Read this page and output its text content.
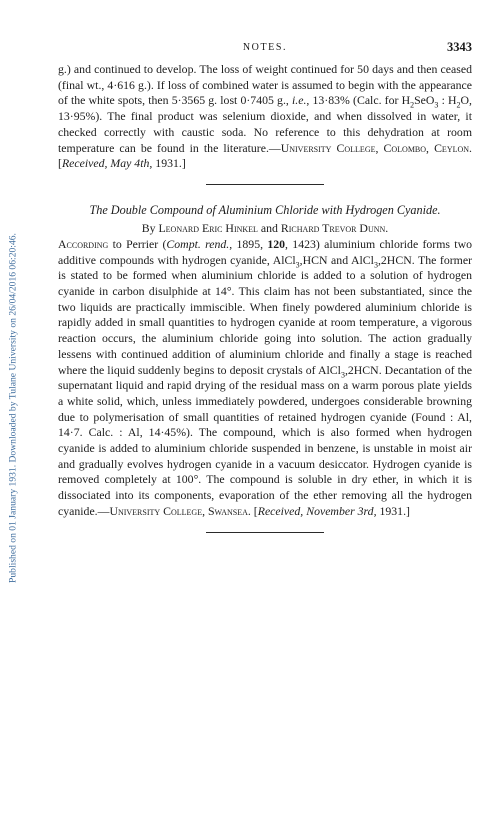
Published on 01 January 1931. Downloaded by Tulane University on 26/04/2016 06:20:46.
NOTES.	3343

g.) and continued to develop. The loss of weight continued for 50 days and then ceased (final wt., 4·616 g.). If loss of combined water is assumed to begin with the appearance of the white spots, then 5·3565 g. lost 0·7405 g., i.e., 13·83% (Calc. for $H_2SeO_3$ : $H_2O$, 13·95%). The final product was selenium dioxide, and when dissolved in water, it checked correctly with caustic soda. No reference to this dehydration at room temperature can be found in the literature.—University College, Colombo, Ceylon. [Received, May 4th, 1931.]

The Double Compound of Aluminium Chloride with Hydrogen Cyanide.
By Leonard Eric Hinkel and Richard Trevor Dunn.

According to Perrier (Compt. rend., 1895, 120, 1423) aluminium chloride forms two additive compounds with hydrogen cyanide, AlCl$_3$,HCN and AlCl$_3$,2HCN. The former is stated to be formed when aluminium chloride is added to a solution of hydrogen cyanide in carbon disulphide at 14°. This claim has not been substantiated, since the two liquids are practically immiscible. When finely powdered aluminium chloride is rapidly added in small quantities to hydrogen cyanide at room temperature, a vigorous reaction occurs, the aluminium chloride going into solution. The action gradually lessens with continued addition of aluminium chloride and finally a stage is reached where the liquid suddenly begins to deposit crystals of AlCl$_3$,2HCN. Decantation of the supernatant liquid and rapid drying of the residual mass on a warm porous plate yields a white solid, which, unless immediately powdered, undergoes considerable browning due to polymerisation of small quantities of retained hydrogen cyanide (Found : Al, 14·7. Calc. : Al, 14·45%). The compound, which is also formed when hydrogen cyanide is added to aluminium chloride suspended in benzene, is unstable in moist air and gradually evolves hydrogen cyanide in a vacuum desiccator. Hydrogen cyanide is removed completely at 100°. The compound is soluble in dry ether, in which it is dissociated into its components, evaporation of the ether removing all the hydrogen cyanide.—University College, Swansea. [Received, November 3rd, 1931.]
